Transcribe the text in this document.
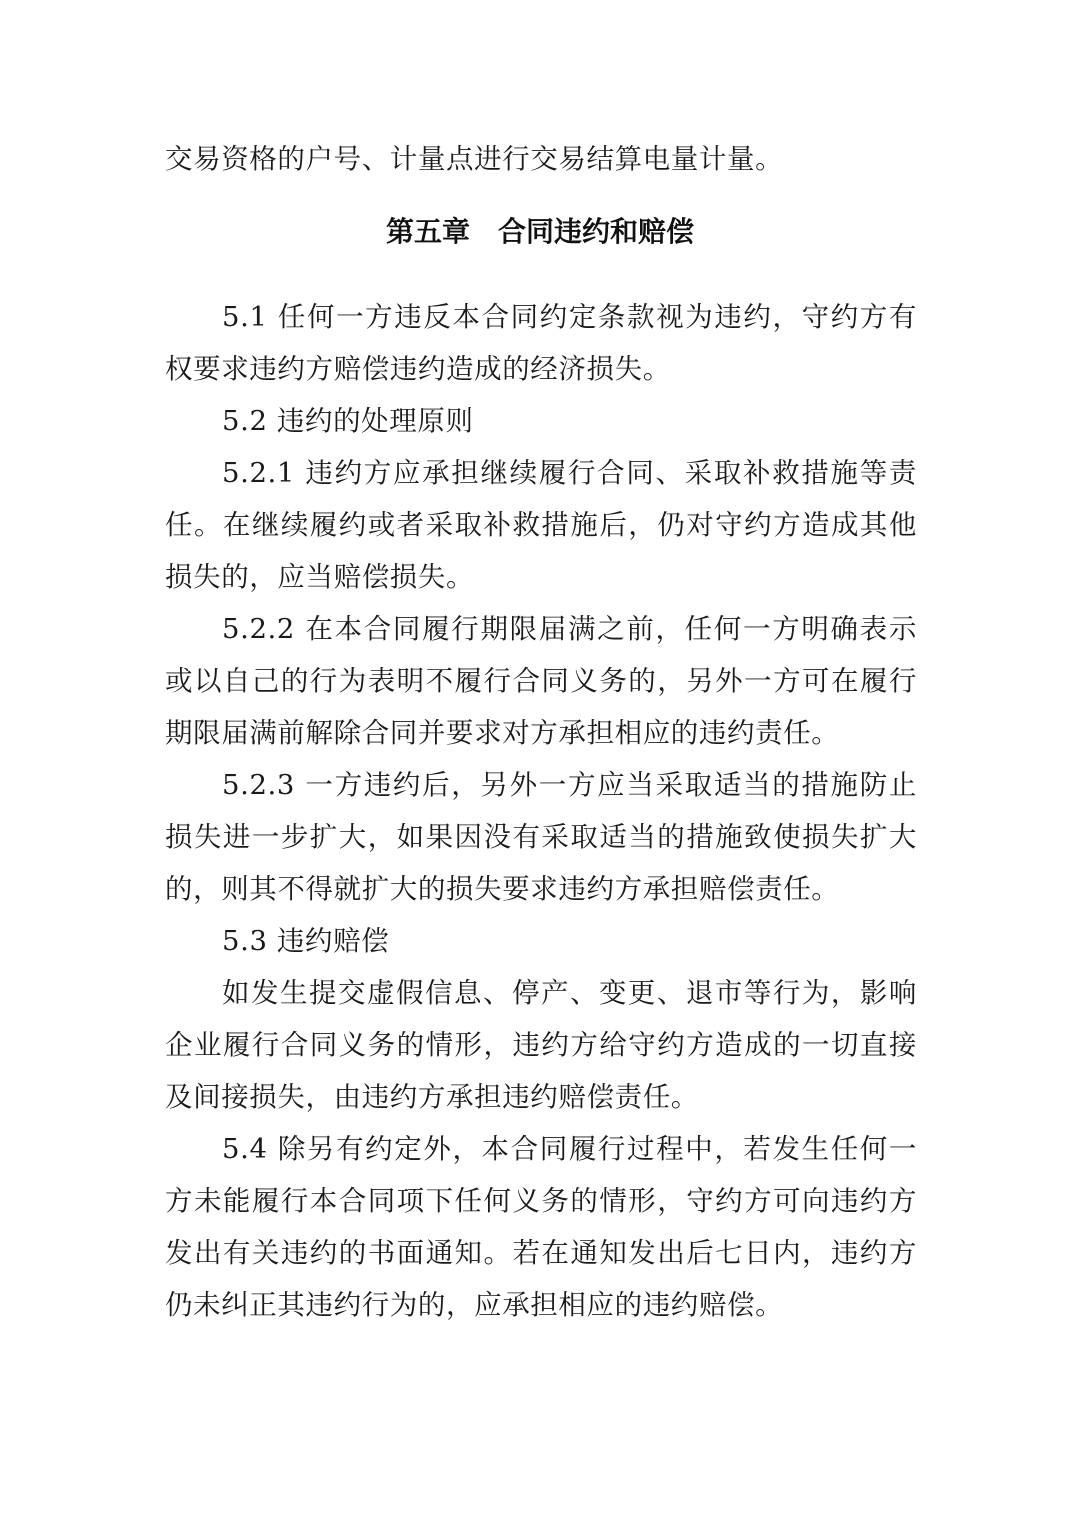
交易资格的户号、计量点进行交易结算电量计量。

第五章　合同违约和赔偿

5.1 任何一方违反本合同约定条款视为违约，守约方有权要求违约方赔偿违约造成的经济损失。

5.2 违约的处理原则

5.2.1 违约方应承担继续履行合同、采取补救措施等责任。在继续履约或者采取补救措施后，仍对守约方造成其他损失的，应当赔偿损失。

5.2.2 在本合同履行期限届满之前，任何一方明确表示或以自己的行为表明不履行合同义务的，另外一方可在履行期限届满前解除合同并要求对方承担相应的违约责任。

5.2.3 一方违约后，另外一方应当采取适当的措施防止损失进一步扩大，如果因没有采取适当的措施致使损失扩大的，则其不得就扩大的损失要求违约方承担赔偿责任。

5.3 违约赔偿

如发生提交虚假信息、停产、变更、退市等行为，影响企业履行合同义务的情形，违约方给守约方造成的一切直接及间接损失，由违约方承担违约赔偿责任。

5.4 除另有约定外，本合同履行过程中，若发生任何一方未能履行本合同项下任何义务的情形，守约方可向违约方发出有关违约的书面通知。若在通知发出后七日内，违约方仍未纠正其违约行为的，应承担相应的违约赔偿。
